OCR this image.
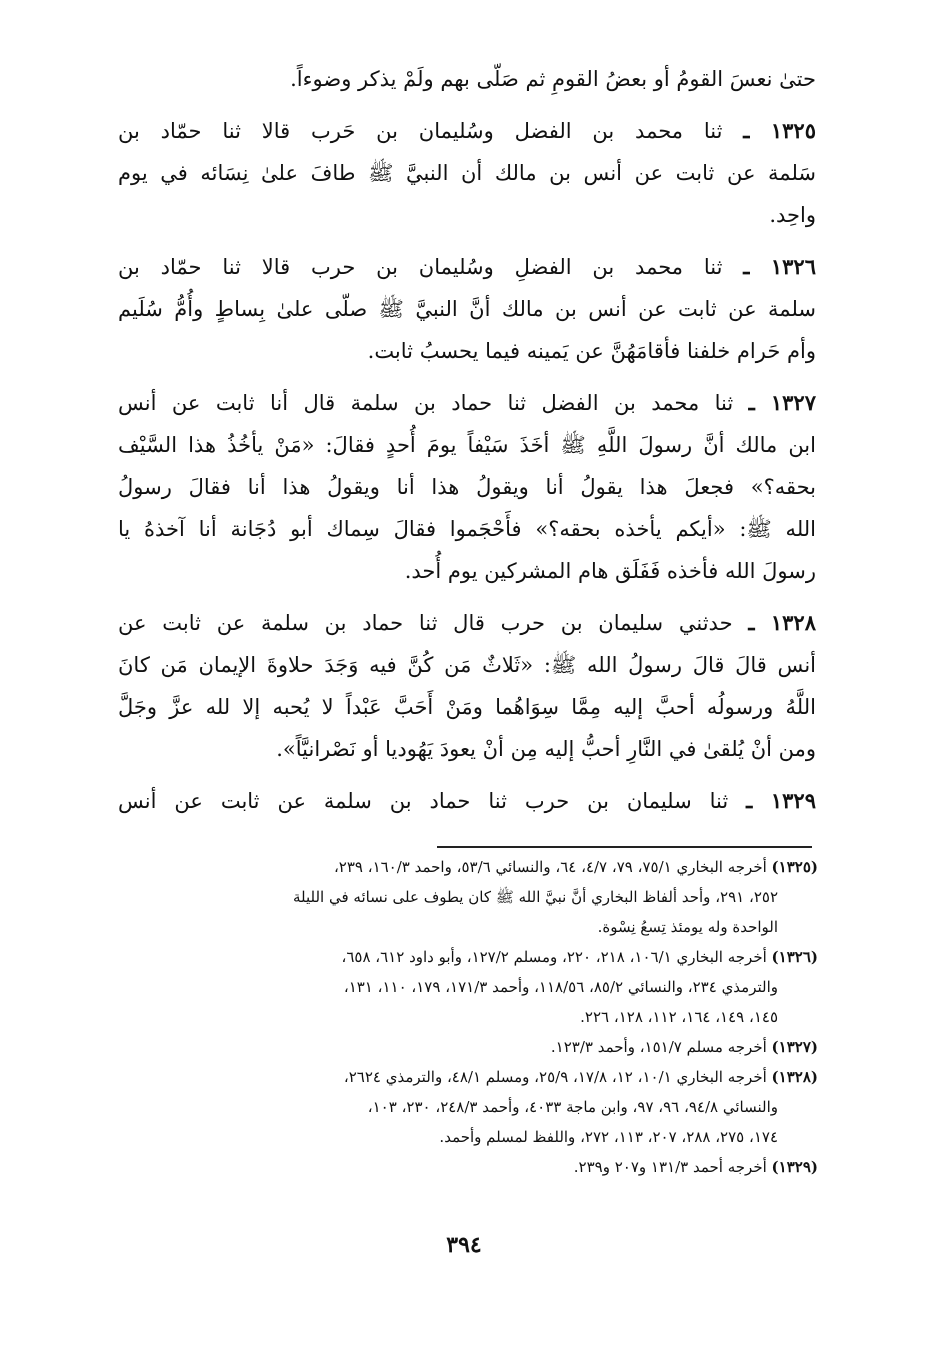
حتىٰ نعسَ القومُ أو بعضُ القومِ ثم صَلّى بهم ولَمْ يذكر وضوءاً.
١٣٢٥ ـ ثنا محمد بن الفضل وسُليمان بن حَرب قالا ثنا حمّاد بن
سَلمة عن ثابت عن أنس بن مالك أن النبيَّ ﷺ طافَ علىٰ نِسَائه في يوم
واحِد.
١٣٢٦ ـ ثنا محمد بن الفضلِ وسُليمان بن حرب قالا ثنا حمّاد بن
سلمة عن ثابت عن أنس بن مالك أنَّ النبيَّ ﷺ صلّى علىٰ بِساطٍ وأُمُّ سُلَيم
وأم حَرام خلفنا فأقامَهُنَّ عن يَمينه فيما يحسبُ ثابت.
١٣٢٧ ـ ثنا محمد بن الفضل ثنا حماد بن سلمة قال أنا ثابت عن أنس
ابن مالك أنَّ رسولَ اللَّهِ ﷺ أخَذَ سَيْفاً يومَ أُحدٍ فقالَ: «مَنْ يأخُذُ هذا السَّيْف
بحقه؟» فجعلَ هذا يقولُ أنا ويقولُ هذا أنا ويقولُ هذا أنا فقالَ رسولُ
الله ﷺ: «أيكم يأخذه بحقه؟» فأَحْجَموا فقالَ سِماك أبو دُجَانة أنا آخذهُ يا
رسولَ الله فأخذه فَفَلَق هام المشركين يوم أُحد.
١٣٢٨ ـ حدثني سليمان بن حرب قال ثنا حماد بن سلمة عن ثابت عن
أنس قالَ قالَ رسولُ الله ﷺ: «ثَلاثٌ مَن كُنَّ فيه وَجَدَ حلاوةَ الإيمان مَن كانَ
اللَّهُ ورسولُه أحبَّ إليه مِمَّا سِوَاهُما ومَنْ أَحَبَّ عَبْداً لا يُحبه إلا لله عزَّ وجَلَّ
ومن أنْ يُلقىٰ في النَّارِ أحبُّ إليه مِن أنْ يعودَ يَهُوديا أو نَصْرانيَّاً».
١٣٢٩ ـ ثنا سليمان بن حرب ثنا حماد بن سلمة عن ثابت عن أنس
(١٣٢٥) أخرجه البخاري ٧٥/١، ٧٩، ٤/٧، ٦٤، والنسائي ٥٣/٦، واحمد ١٦٠/٣، ٢٣٩،
٢٥٢، ٢٩١، وأحد ألفاظ البخاري أنَّ نبيَّ الله ﷺ كان يطوف على نسائه في الليلة
الواحدة وله يومئذ تِسعُ نِسْوة.
(١٣٢٦) أخرجه البخاري ١٠٦/١، ٢١٨، ٢٢٠، ومسلم ١٢٧/٢، وأبو داود ٦١٢، ٦٥٨،
والترمذي ٢٣٤، والنسائي ٨٥/٢، ١١٨/٥٦، وأحمد ١٧١/٣، ١٧٩، ١١٠، ١٣١،
١٤٥، ١٤٩، ١٦٤، ١١٢، ١٢٨، ٢٢٦.
(١٣٢٧) أخرجه مسلم ١٥١/٧، وأحمد ١٢٣/٣.
(١٣٢٨) أخرجه البخاري ١٠/١، ١٢، ١٧/٨، ٢٥/٩، ومسلم ٤٨/١، والترمذي ٢٦٢٤،
والنسائي ٩٤/٨، ٩٦، ٩٧، وابن ماجة ٤٠٣٣، وأحمد ٢٤٨/٣، ٢٣٠، ١٠٣،
١٧٤، ٢٧٥، ٢٨٨، ٢٠٧، ١١٣، ٢٧٢، واللفظ لمسلم وأحمد.
(١٣٢٩) أخرجه أحمد ١٣١/٣ و٢٠٧ و٢٣٩.
٣٩٤
